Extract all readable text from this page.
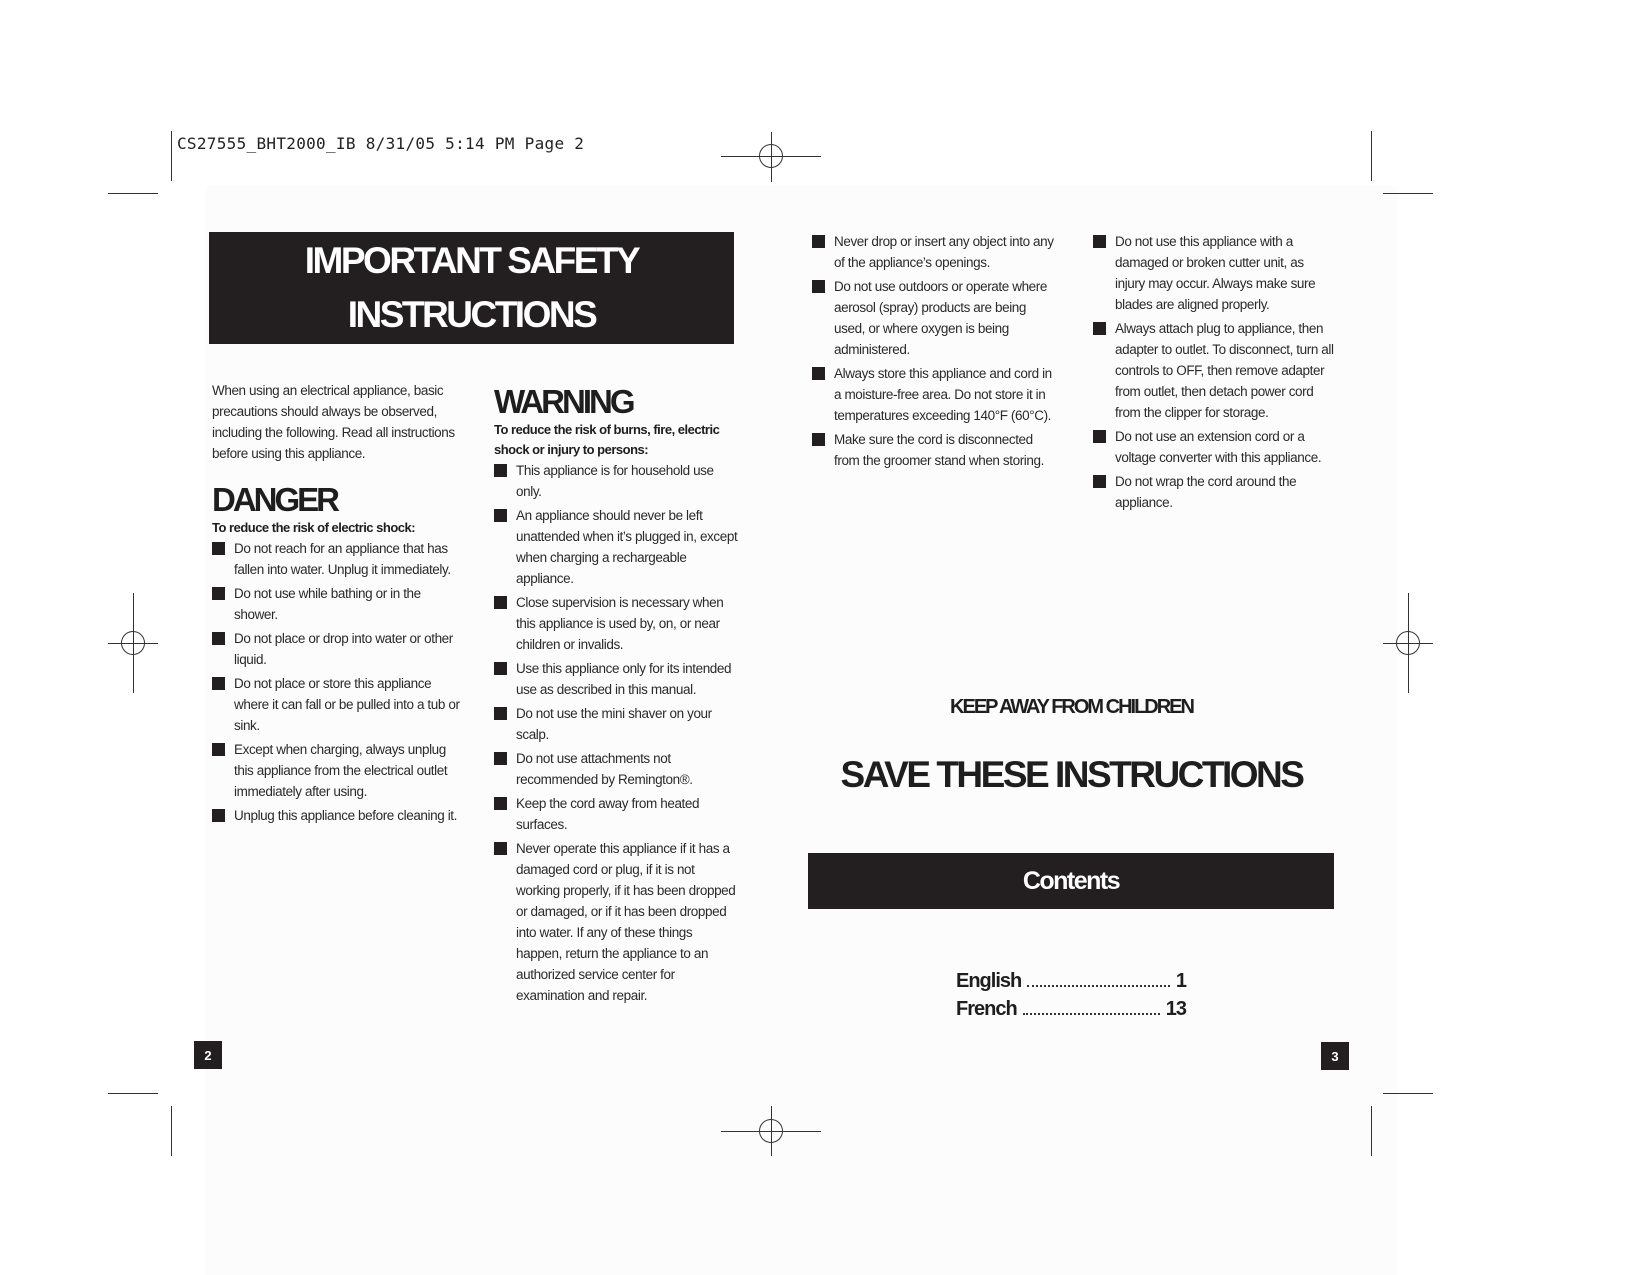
CS27555_BHT2000_IB 8/31/05 5:14 PM Page 2
IMPORTANT SAFETY
INSTRUCTIONS

When using an electrical appliance, basic precautions should always be observed, including the following. Read all instructions before using this appliance.

DANGER
To reduce the risk of electric shock:
Do not reach for an appliance that has fallen into water. Unplug it immediately.
Do not use while bathing or in the shower.
Do not place or drop into water or other liquid.
Do not place or store this appliance where it can fall or be pulled into a tub or sink.
Except when charging, always unplug this appliance from the electrical outlet immediately after using.
Unplug this appliance before cleaning it.
WARNING
To reduce the risk of burns, fire, electric shock or injury to persons:
This appliance is for household use only.
An appliance should never be left unattended when it’s plugged in, except when charging a rechargeable appliance.
Close supervision is necessary when this appliance is used by, on, or near children or invalids.
Use this appliance only for its intended use as described in this manual.
Do not use the mini shaver on your scalp.
Do not use attachments not recommended by Remington®.
Keep the cord away from heated surfaces.
Never operate this appliance if it has a damaged cord or plug, if it is not working properly, if it has been dropped or damaged, or if it has been dropped into water. If any of these things happen, return the appliance to an authorized service center for examination and repair.
Never drop or insert any object into any of the appliance’s openings.
Do not use outdoors or operate where aerosol (spray) products are being used, or where oxygen is being administered.
Always store this appliance and cord in a moisture-free area. Do not store it in temperatures exceeding 140°F (60°C).
Make sure the cord is disconnected from the groomer stand when storing.
Do not use this appliance with a damaged or broken cutter unit, as injury may occur. Always make sure blades are aligned properly.
Always attach plug to appliance, then adapter to outlet. To disconnect, turn all controls to OFF, then remove adapter from outlet, then detach power cord from the clipper for storage.
Do not use an extension cord or a voltage converter with this appliance.
Do not wrap the cord around the appliance.
KEEP AWAY FROM CHILDREN
SAVE THESE INSTRUCTIONS
Contents
English	1
French	13
2	3
